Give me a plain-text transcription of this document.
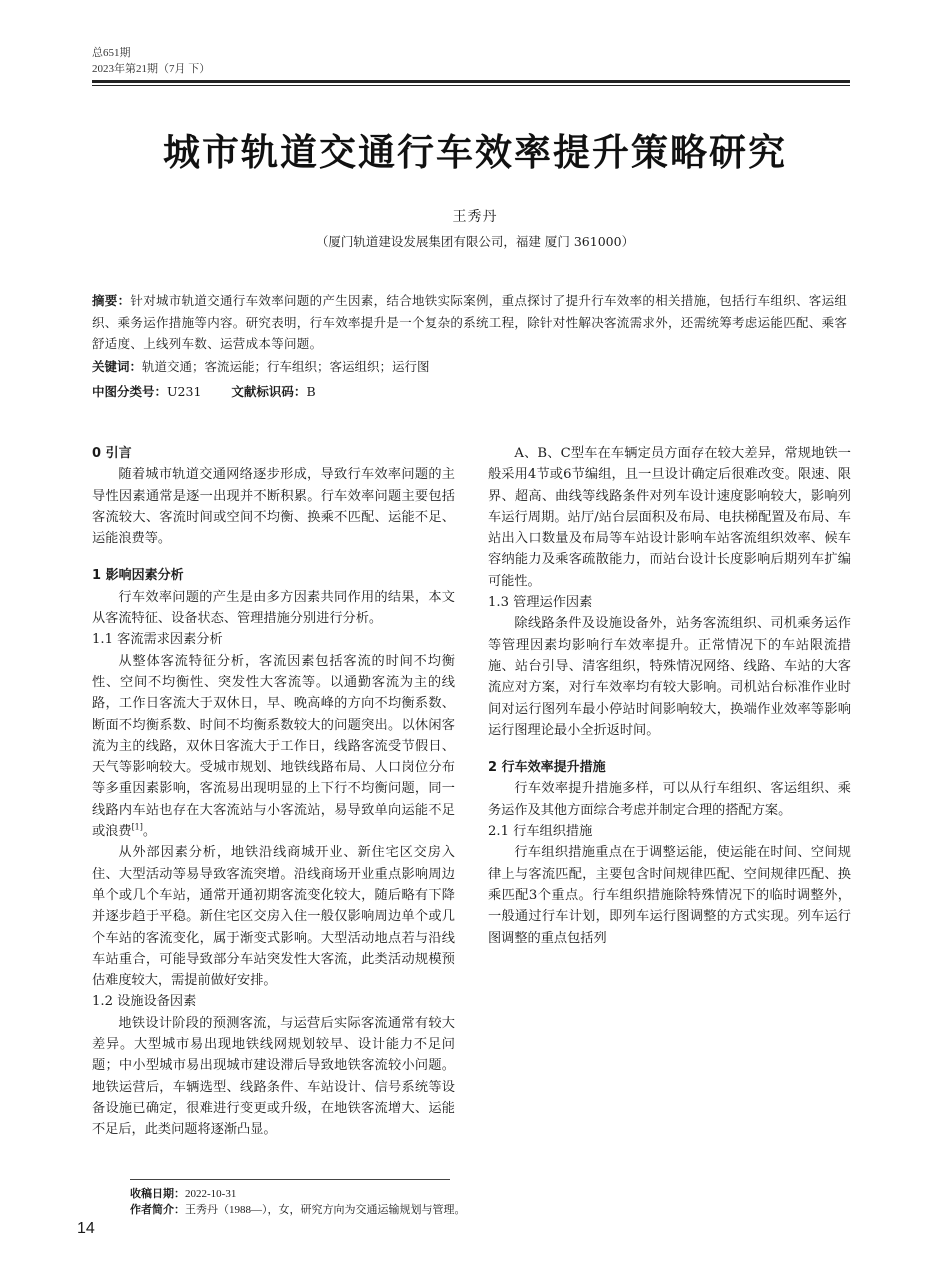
总651期
2023年第21期（7月 下）
城市轨道交通行车效率提升策略研究
王秀丹
（厦门轨道建设发展集团有限公司，福建 厦门 361000）
摘要：针对城市轨道交通行车效率问题的产生因素，结合地铁实际案例，重点探讨了提升行车效率的相关措施，包括行车组织、客运组织、乘务运作措施等内容。研究表明，行车效率提升是一个复杂的系统工程，除针对性解决客流需求外，还需统筹考虑运能匹配、乘客舒适度、上线列车数、运营成本等问题。
关键词：轨道交通；客流运能；行车组织；客运组织；运行图
中图分类号：U231 文献标识码：B
0 引言

随着城市轨道交通网络逐步形成，导致行车效率问题的主导性因素通常是逐一出现并不断积累。行车效率问题主要包括客流较大、客流时间或空间不均衡、换乘不匹配、运能不足、运能浪费等。

1 影响因素分析

行车效率问题的产生是由多方因素共同作用的结果，本文从客流特征、设备状态、管理措施分别进行分析。

1.1 客流需求因素分析

从整体客流特征分析，客流因素包括客流的时间不均衡性、空间不均衡性、突发性大客流等。以通勤客流为主的线路，工作日客流大于双休日，早、晚高峰的方向不均衡系数、断面不均衡系数、时间不均衡系数较大的问题突出。以休闲客流为主的线路，双休日客流大于工作日，线路客流受节假日、天气等影响较大。受城市规划、地铁线路布局、人口岗位分布等多重因素影响，客流易出现明显的上下行不均衡问题，同一线路内车站也存在大客流站与小客流站，易导致单向运能不足或浪费[1]。

从外部因素分析，地铁沿线商城开业、新住宅区交房入住、大型活动等易导致客流突增。沿线商场开业重点影响周边单个或几个车站，通常开通初期客流变化较大，随后略有下降并逐步趋于平稳。新住宅区交房入住一般仅影响周边单个或几个车站的客流变化，属于渐变式影响。大型活动地点若与沿线车站重合，可能导致部分车站突发性大客流，此类活动规模预估难度较大，需提前做好安排。

1.2 设施设备因素

地铁设计阶段的预测客流，与运营后实际客流通常有较大差异。大型城市易出现地铁线网规划较早、设计能力不足问题；中小型城市易出现城市建设滞后导致地铁客流较小问题。地铁运营后，车辆选型、线路条件、车站设计、信号系统等设备设施已确定，很难进行变更或升级，在地铁客流增大、运能不足后，此类问题将逐渐凸显。

A、B、C型车在车辆定员方面存在较大差异，常规地铁一般采用4节或6节编组，且一旦设计确定后很难改变。限速、限界、超高、曲线等线路条件对列车设计速度影响较大，影响列车运行周期。站厅/站台层面积及布局、电扶梯配置及布局、车站出入口数量及布局等车站设计影响车站客流组织效率、候车容纳能力及乘客疏散能力，而站台设计长度影响后期列车扩编可能性。

1.3 管理运作因素

除线路条件及设施设备外，站务客流组织、司机乘务运作等管理因素均影响行车效率提升。正常情况下的车站限流措施、站台引导、清客组织，特殊情况网络、线路、车站的大客流应对方案，对行车效率均有较大影响。司机站台标准作业时间对运行图列车最小停站时间影响较大，换端作业效率等影响运行图理论最小全折返时间。

2 行车效率提升措施

行车效率提升措施多样，可以从行车组织、客运组织、乘务运作及其他方面综合考虑并制定合理的搭配方案。

2.1 行车组织措施

行车组织措施重点在于调整运能，使运能在时间、空间规律上与客流匹配，主要包含时间规律匹配、空间规律匹配、换乘匹配3个重点。行车组织措施除特殊情况下的临时调整外，一般通过行车计划，即列车运行图调整的方式实现。列车运行图调整的重点包括列

收稿日期：2022-10-31
作者简介：王秀丹（1988—），女，研究方向为交通运输规划与管理。
14
